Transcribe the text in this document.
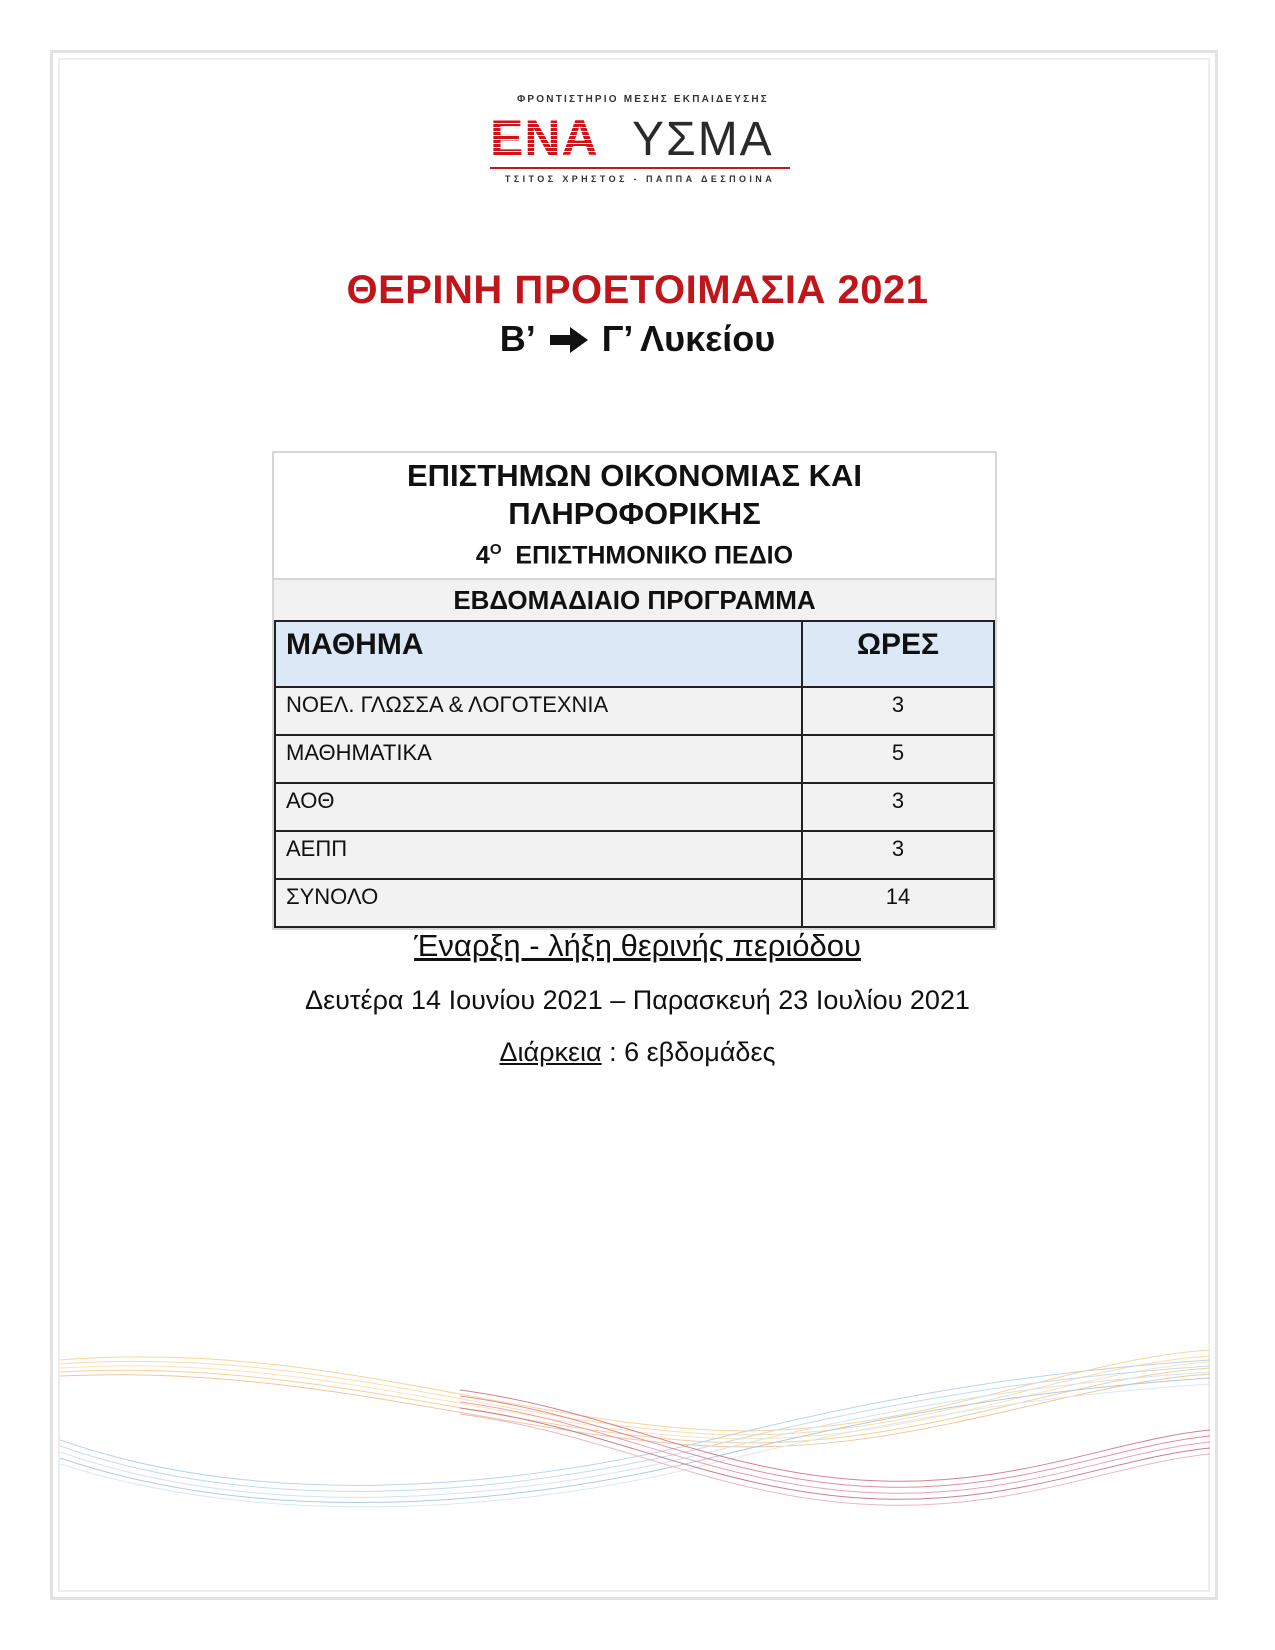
ΦΡΟΝΤΙΣΤΗΡΙΟ ΜΕΣΗΣ ΕΚΠΑΙΔΕΥΣΗΣ
ΕΝΑ ΥΣΜΑ
ΤΣΙΤΟΣ ΧΡΗΣΤΟΣ - ΠΑΠΠΑ ΔΕΣΠΟΙΝΑ
ΘΕΡΙΝΗ ΠΡΟΕΤΟΙΜΑΣΙΑ 2021
Β’ Γ’ Λυκείου
ΕΠΙΣΤΗΜΩΝ ΟΙΚΟΝΟΜΙΑΣ ΚΑΙ
ΠΛΗΡΟΦΟΡΙΚΗΣ
$4^O$ ΕΠΙΣΤΗΜΟΝΙΚΟ ΠΕΔΙΟ
ΕΒΔΟΜΑΔΙΑΙΟ ΠΡΟΓΡΑΜΜΑ
ΜΑΘΗΜΑ	ΩΡΕΣ
ΝΟΕΛ. ΓΛΩΣΣΑ & ΛΟΓΟΤΕΧΝΙΑ	3
ΜΑΘΗΜΑΤΙΚΑ	5
ΑΟΘ	3
ΑΕΠΠ	3
ΣΥΝΟΛΟ	14
Έναρξη - λήξη θερινής περιόδου
Δευτέρα 14 Ιουνίου 2021 – Παρασκευή 23 Ιουλίου 2021
Διάρκεια : 6 εβδομάδες
